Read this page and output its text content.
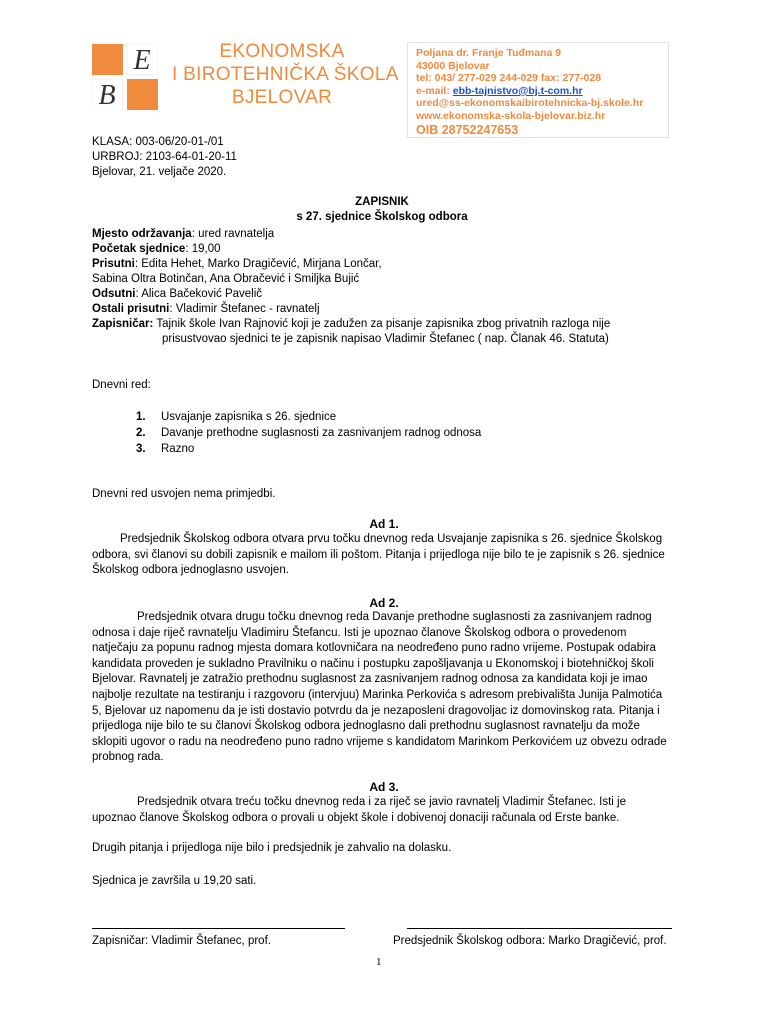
E
B
EKONOMSKA
I BIROTEHNIČKA ŠKOLA
BJELOVAR
Poljana dr. Franje Tuđmana 9
43000 Bjelovar
tel: 043/ 277-029 244-029 fax: 277-028
e-mail: ebb-tajnistvo@bj.t-com.hr
ured@ss-ekonomskaibirotehnicka-bj.skole.hr
www.ekonomska-skola-bjelovar.biz.hr
OIB 28752247653
KLASA: 003-06/20-01-/01
URBROJ: 2103-64-01-20-11
Bjelovar, 21. veljače 2020.
ZAPISNIK
s 27. sjednice Školskog odbora
Mjesto održavanja: ured ravnatelja
Početak sjednice: 19,00
Prisutni: Edita Hehet, Marko Dragičević, Mirjana Lončar,
Sabina Oltra Botinčan, Ana Obračević i Smiljka Bujić
Odsutni: Alica Bačeković Pavelič
Ostali prisutni: Vladimir Štefanec - ravnatelj
Zapisničar: Tajnik škole Ivan Rajnović koji je zadužen za pisanje zapisnika zbog privatnih razloga nije
prisustvovao sjednici te je zapisnik napisao Vladimir Štefanec ( nap. Članak 46. Statuta)
Dnevni red:
1. Usvajanje zapisnika s 26. sjednice
2. Davanje prethodne suglasnosti za zasnivanjem radnog odnosa
3. Razno
Dnevni red usvojen nema primjedbi.
Ad 1.
Predsjednik Školskog odbora otvara prvu točku dnevnog reda Usvajanje zapisnika s 26. sjednice Školskog
odbora, svi članovi su dobili zapisnik e mailom ili poštom. Pitanja i prijedloga nije bilo te je zapisnik s 26. sjednice
Školskog odbora jednoglasno usvojen.
Ad 2.
Predsjednik otvara drugu točku dnevnog reda Davanje prethodne suglasnosti za zasnivanjem radnog
odnosa i daje riječ ravnatelju Vladimiru Štefancu. Isti je upoznao članove Školskog odbora o provedenom
natječaju za popunu radnog mjesta domara kotlovničara na neodređeno puno radno vrijeme. Postupak odabira
kandidata proveden je sukladno Pravilniku o načinu i postupku zapošljavanja u Ekonomskoj i biotehničkoj školi
Bjelovar. Ravnatelj je zatražio prethodnu suglasnost za zasnivanjem radnog odnosa za kandidata koji je imao
najbolje rezultate na testiranju i razgovoru (intervjuu) Marinka Perkovića s adresom prebivališta Junija Palmotića
5, Bjelovar uz napomenu da je isti dostavio potvrdu da je nezaposleni dragovoljac iz domovinskog rata. Pitanja i
prijedloga nije bilo te su članovi Školskog odbora jednoglasno dali prethodnu suglasnost ravnatelju da može
sklopiti ugovor o radu na neodređeno puno radno vrijeme s kandidatom Marinkom Perkovićem uz obvezu odrade
probnog rada.
Ad 3.
Predsjednik otvara treću točku dnevnog reda i za riječ se javio ravnatelj Vladimir Štefanec. Isti je
upoznao članove Školskog odbora o provali u objekt škole i dobivenoj donaciji računala od Erste banke.
Drugih pitanja i prijedloga nije bilo i predsjednik je zahvalio na dolasku.
Sjednica je završila u 19,20 sati.
Zapisničar: Vladimir Štefanec, prof.	Predsjednik Školskog odbora: Marko Dragičević, prof.
1
